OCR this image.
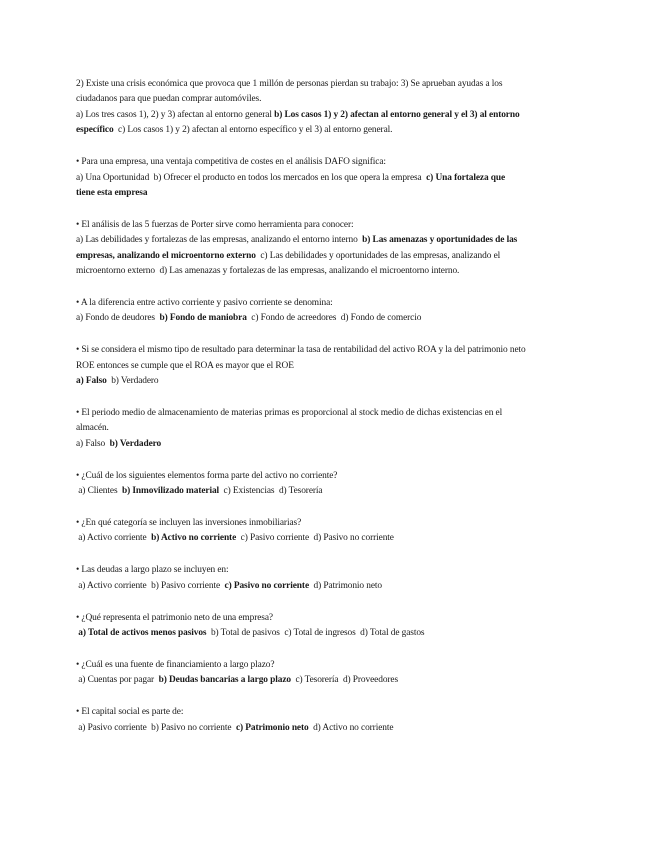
2) Existe una crisis económica que provoca que 1 millón de personas pierdan su trabajo: 3) Se aprueban ayudas a los
ciudadanos para que puedan comprar automóviles.
a) Los tres casos 1), 2) y 3) afectan al entorno general b) Los casos 1) y 2) afectan al entorno general y el 3) al entorno
específico  c) Los casos 1) y 2) afectan al entorno específico y el 3) al entorno general.
• Para una empresa, una ventaja competitiva de costes en el análisis DAFO significa:
a) Una Oportunidad  b) Ofrecer el producto en todos los mercados en los que opera la empresa  c) Una fortaleza que
tiene esta empresa
• El análisis de las 5 fuerzas de Porter sirve como herramienta para conocer:
a) Las debilidades y fortalezas de las empresas, analizando el entorno interno  b) Las amenazas y oportunidades de las
empresas, analizando el microentorno externo  c) Las debilidades y oportunidades de las empresas, analizando el
microentorno externo  d) Las amenazas y fortalezas de las empresas, analizando el microentorno interno.
• A la diferencia entre activo corriente y pasivo corriente se denomina:
a) Fondo de deudores  b) Fondo de maniobra  c) Fondo de acreedores  d) Fondo de comercio
• Si se considera el mismo tipo de resultado para determinar la tasa de rentabilidad del activo ROA y la del patrimonio neto
ROE entonces se cumple que el ROA es mayor que el ROE
a) Falso  b) Verdadero
• El periodo medio de almacenamiento de materias primas es proporcional al stock medio de dichas existencias en el
almacén.
a) Falso  b) Verdadero
• ¿Cuál de los siguientes elementos forma parte del activo no corriente?
a) Clientes  b) Inmovilizado material  c) Existencias  d) Tesorería
• ¿En qué categoría se incluyen las inversiones inmobiliarias?
a) Activo corriente  b) Activo no corriente  c) Pasivo corriente  d) Pasivo no corriente
• Las deudas a largo plazo se incluyen en:
a) Activo corriente  b) Pasivo corriente  c) Pasivo no corriente  d) Patrimonio neto
• ¿Qué representa el patrimonio neto de una empresa?
a) Total de activos menos pasivos  b) Total de pasivos  c) Total de ingresos  d) Total de gastos
• ¿Cuál es una fuente de financiamiento a largo plazo?
a) Cuentas por pagar  b) Deudas bancarias a largo plazo  c) Tesorería  d) Proveedores
• El capital social es parte de:
a) Pasivo corriente  b) Pasivo no corriente  c) Patrimonio neto  d) Activo no corriente
